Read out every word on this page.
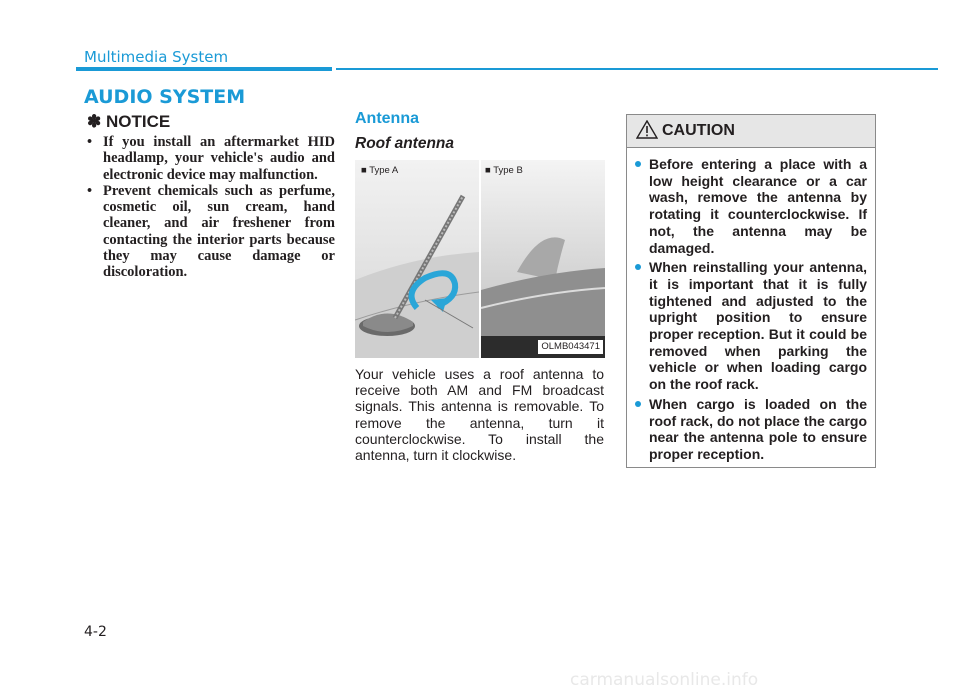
Multimedia System
AUDIO SYSTEM
✽ NOTICE
• If you install an aftermarket HID headlamp, your vehicle's audio and electronic device may malfunction.
• Prevent chemicals such as perfume, cosmetic oil, sun cream, hand cleaner, and air freshener from contacting the interior parts because they may cause damage or discoloration.
Antenna
Roof antenna
■ Type A	■ Type B
OLMB043471

Your vehicle uses a roof antenna to receive both AM and FM broadcast signals. This antenna is removable. To remove the antenna, turn it counterclockwise. To install the antenna, turn it clockwise.

CAUTION
Before entering a place with a low height clearance or a car wash, remove the antenna by rotating it counterclockwise. If not, the antenna may be damaged.
When reinstalling your antenna, it is important that it is fully tightened and adjusted to the upright position to ensure proper reception. But it could be removed when parking the vehicle or when loading cargo on the roof rack.
When cargo is loaded on the roof rack, do not place the cargo near the antenna pole to ensure proper reception.
4-2
carmanualsonline.info
